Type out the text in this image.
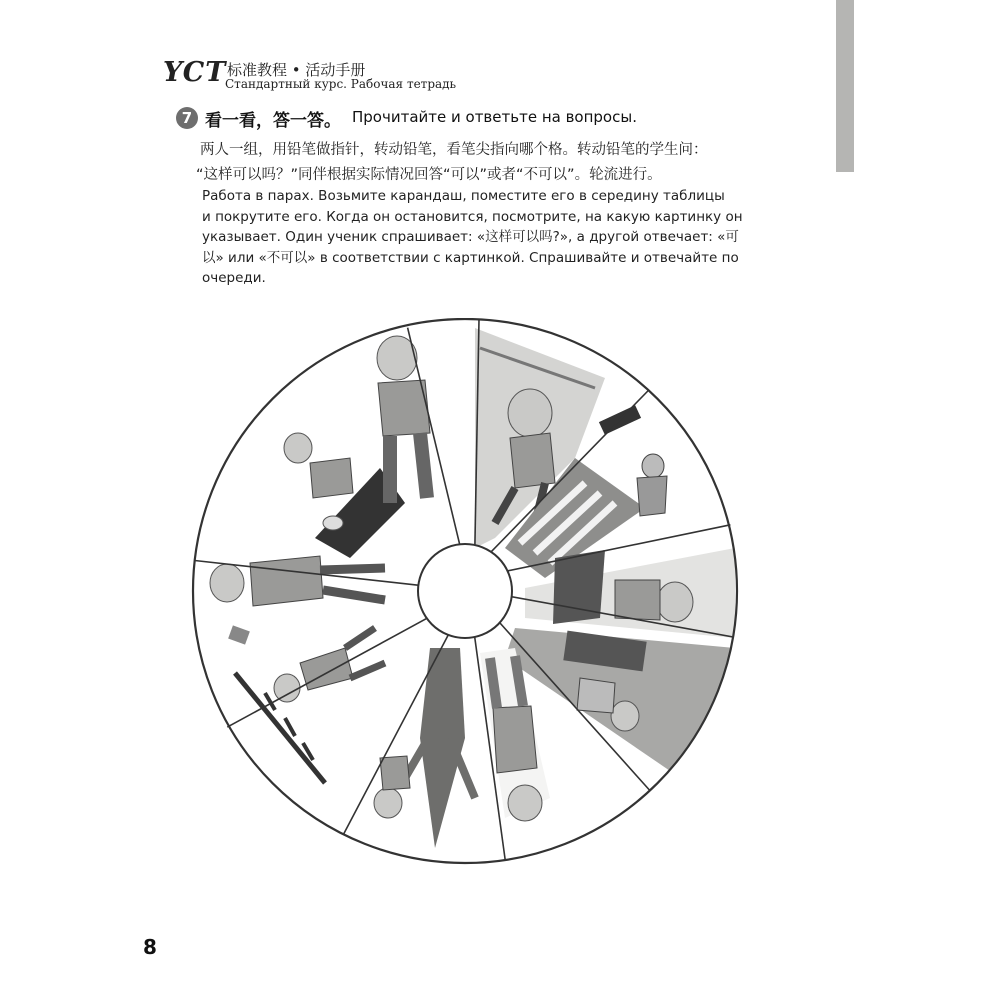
YCT 标准教程 • 活动手册
Стандартный курс. Рабочая тетрадь
7 看一看，答一答。 Прочитайте и ответьте на вопросы.

两人一组，用铅笔做指针，转动铅笔，看笔尖指向哪个格。转动铅笔的学生问：

“这样可以吗？”同伴根据实际情况回答“可以”或者“不可以”。轮流进行。

Работа в парах. Возьмите карандаш, поместите его в середину таблицы

и покрутите его. Когда он остановится, посмотрите, на какую картинку он

указывает. Один ученик спрашивает: «这样可以吗?», а другой отвечает: «可

以» или «不可以» в соответствии с картинкой. Спрашивайте и отвечайте по

очереди.

8
